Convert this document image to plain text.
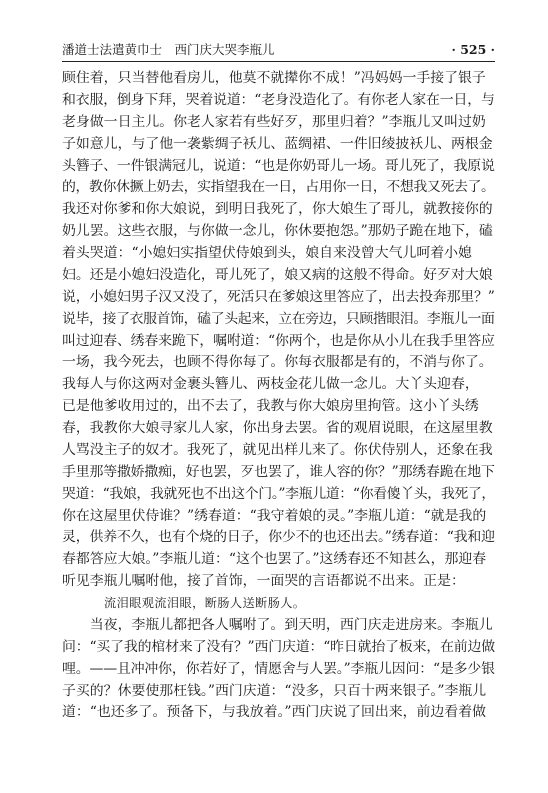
潘道士法遣黄巾士　西门庆大哭李瓶儿	· 525 ·
顾住着，只当替他看房儿，他莫不就撵你不成！”冯妈妈一手接了银子
和衣服，倒身下拜，哭着说道：“老身没造化了。有你老人家在一日，与
老身做一日主儿。你老人家若有些好歹，那里归着？”李瓶儿又叫过奶
子如意儿，与了他一袭紫绸子袄儿、蓝绸裙、一件旧绫披袄儿、两根金
头簪子、一件银满冠儿，说道：“也是你奶哥儿一场。哥儿死了，我原说
的，教你休撅上奶去，实指望我在一日，占用你一日，不想我又死去了。
我还对你爹和你大娘说，到明日我死了，你大娘生了哥儿，就教接你的
奶儿罢。这些衣服，与你做一念儿，你休要抱怨。”那奶子跪在地下，磕
着头哭道：“小媳妇实指望伏侍娘到头，娘自来没曾大气儿呵着小媳
妇。还是小媳妇没造化，哥儿死了，娘又病的这般不得命。好歹对大娘
说，小媳妇男子汉又没了，死活只在爹娘这里答应了，出去投奔那里？”
说毕，接了衣服首饰，磕了头起来，立在旁边，只顾揩眼泪。李瓶儿一面
叫过迎春、绣春来跪下，嘱咐道：“你两个，也是你从小儿在我手里答应
一场，我今死去，也顾不得你每了。你每衣服都是有的，不消与你了。
我每人与你这两对金裹头簪儿、两枝金花儿做一念儿。大丫头迎春，
已是他爹收用过的，出不去了，我教与你大娘房里拘管。这小丫头绣
春，我教你大娘寻家儿人家，你出身去罢。省的观眉说眼，在这屋里教
人骂没主子的奴才。我死了，就见出样儿来了。你伏侍别人，还象在我
手里那等撒娇撒痴，好也罢，歹也罢了，谁人容的你？”那绣春跪在地下
哭道：“我娘，我就死也不出这个门。”李瓶儿道：“你看傻丫头，我死了，
你在这屋里伏侍谁？”绣春道：“我守着娘的灵。”李瓶儿道：“就是我的
灵，供养不久，也有个烧的日子，你少不的也还出去。”绣春道：“我和迎
春都答应大娘。”李瓶儿道：“这个也罢了。”这绣春还不知甚么，那迎春
听见李瓶儿嘱咐他，接了首饰，一面哭的言语都说不出来。正是：
流泪眼观流泪眼，断肠人送断肠人。
　　当夜，李瓶儿都把各人嘱咐了。到天明，西门庆走进房来。李瓶儿
问：“买了我的棺材来了没有？”西门庆道：“昨日就抬了板来，在前边做
哩。——且冲冲你，你若好了，情愿舍与人罢。”李瓶儿因问：“是多少银
子买的？休要使那枉钱。”西门庆道：“没多，只百十两来银子。”李瓶儿
道：“也还多了。预备下，与我放着。”西门庆说了回出来，前边看着做
